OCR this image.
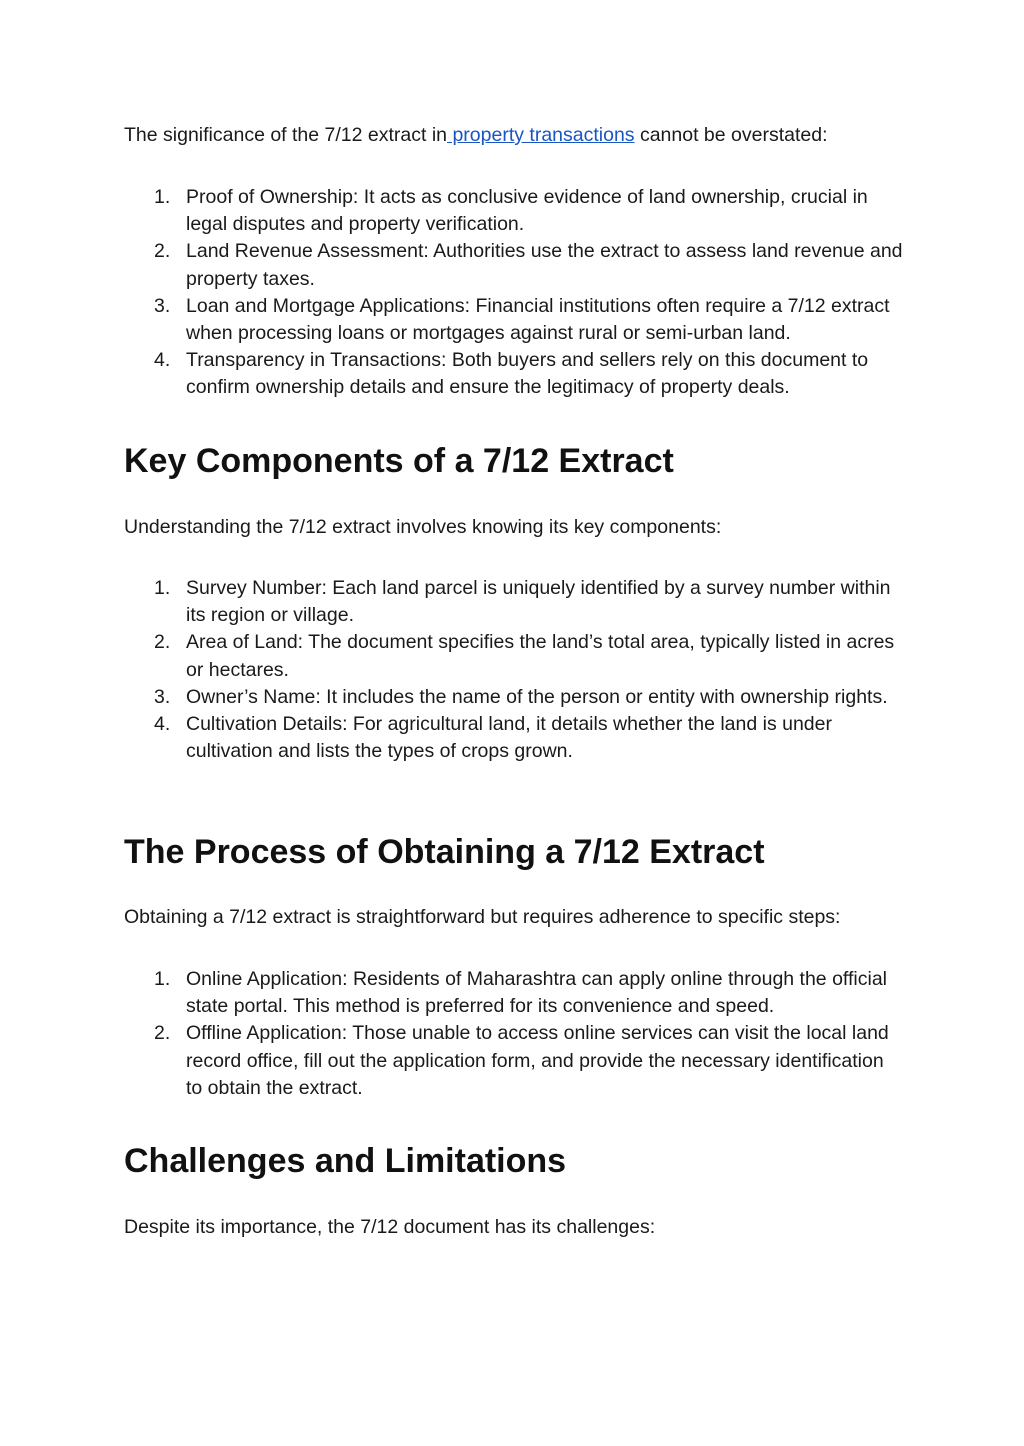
The significance of the 7/12 extract in property transactions cannot be overstated:

1. Proof of Ownership: It acts as conclusive evidence of land ownership, crucial in legal disputes and property verification.
2. Land Revenue Assessment: Authorities use the extract to assess land revenue and property taxes.
3. Loan and Mortgage Applications: Financial institutions often require a 7/12 extract when processing loans or mortgages against rural or semi-urban land.
4. Transparency in Transactions: Both buyers and sellers rely on this document to confirm ownership details and ensure the legitimacy of property deals.
Key Components of a 7/12 Extract

Understanding the 7/12 extract involves knowing its key components:

1. Survey Number: Each land parcel is uniquely identified by a survey number within its region or village.
2. Area of Land: The document specifies the land’s total area, typically listed in acres or hectares.
3. Owner’s Name: It includes the name of the person or entity with ownership rights.
4. Cultivation Details: For agricultural land, it details whether the land is under cultivation and lists the types of crops grown.
The Process of Obtaining a 7/12 Extract

Obtaining a 7/12 extract is straightforward but requires adherence to specific steps:

1. Online Application: Residents of Maharashtra can apply online through the official state portal. This method is preferred for its convenience and speed.
2. Offline Application: Those unable to access online services can visit the local land record office, fill out the application form, and provide the necessary identification to obtain the extract.
Challenges and Limitations

Despite its importance, the 7/12 document has its challenges:
